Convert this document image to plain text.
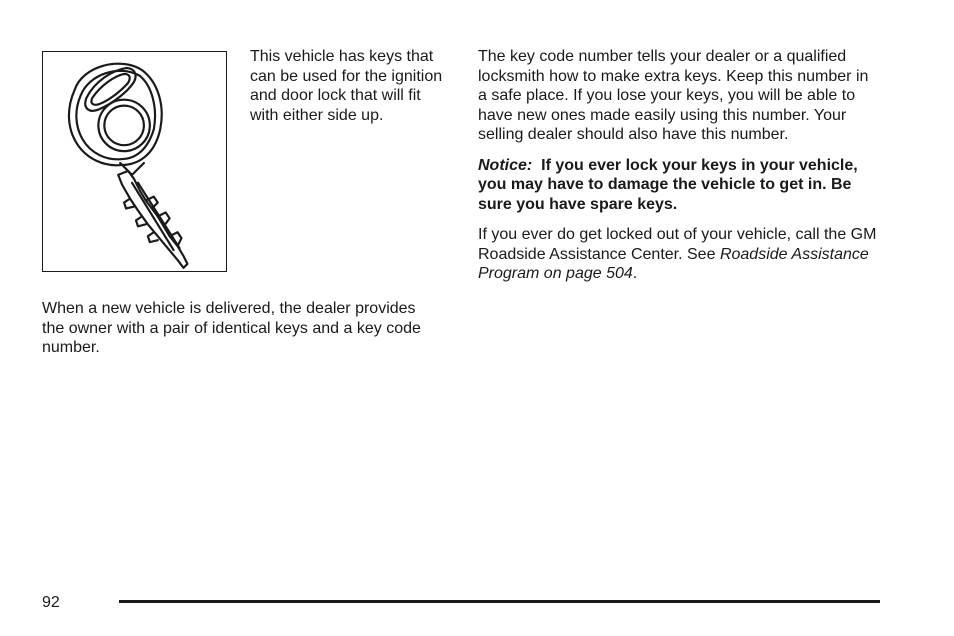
This vehicle has keys that can be used for the ignition and door lock that will fit with either side up.

When a new vehicle is delivered, the dealer provides the owner with a pair of identical keys and a key code number.

The key code number tells your dealer or a qualified locksmith how to make extra keys. Keep this number in a safe place. If you lose your keys, you will be able to have new ones made easily using this number. Your selling dealer should also have this number.

Notice: If you ever lock your keys in your vehicle, you may have to damage the vehicle to get in. Be sure you have spare keys.

If you ever do get locked out of your vehicle, call the GM Roadside Assistance Center. See Roadside Assistance Program on page 504.

92
